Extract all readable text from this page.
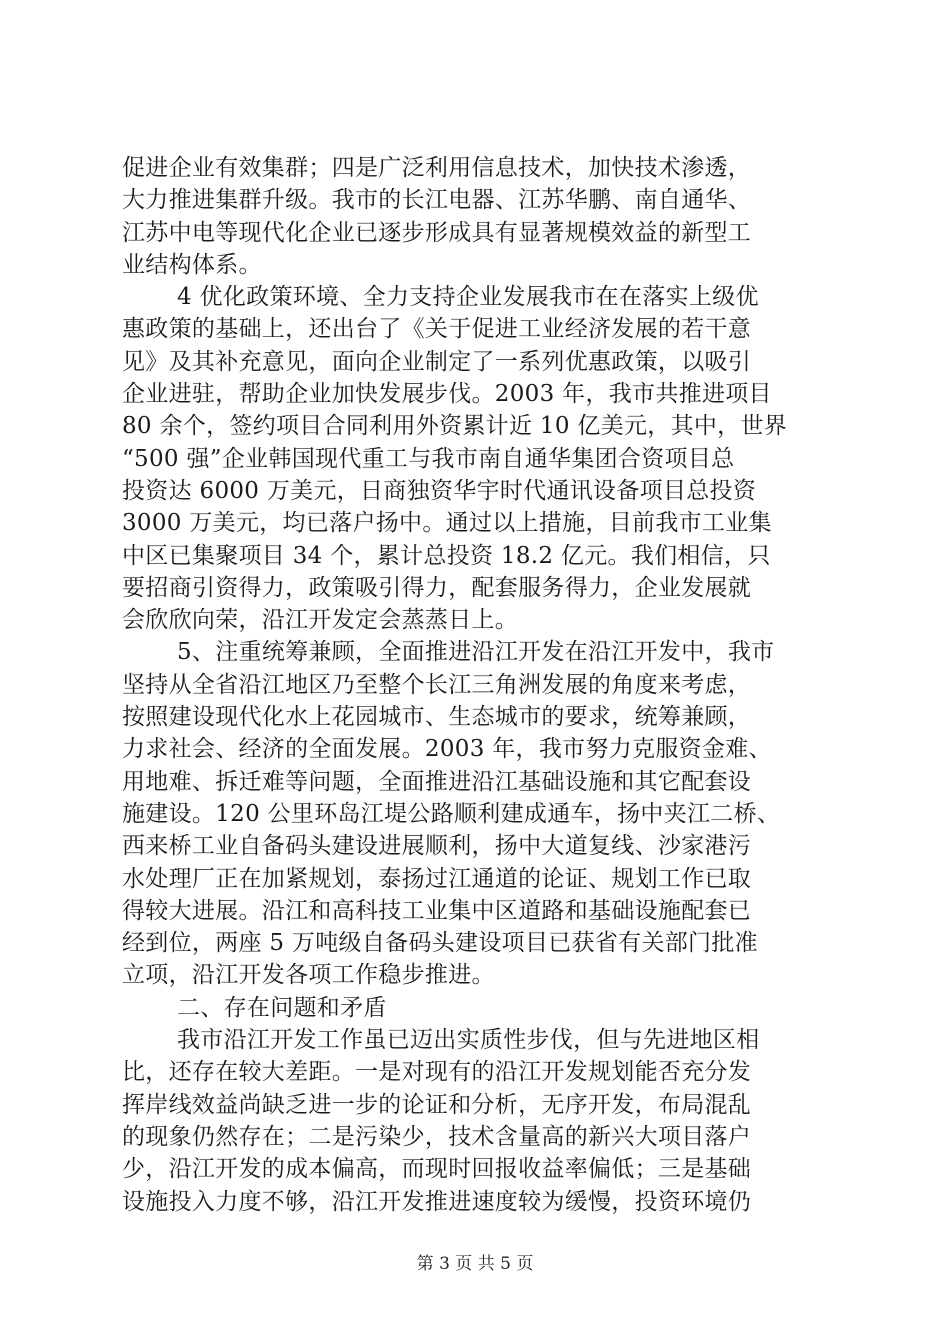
促进企业有效集群；四是广泛利用信息技术，加快技术渗透，
大力推进集群升级。我市的长江电器、江苏华鹏、南自通华、
江苏中电等现代化企业已逐步形成具有显著规模效益的新型工
业结构体系。
4 优化政策环境、全力支持企业发展我市在在落实上级优
惠政策的基础上，还出台了《关于促进工业经济发展的若干意
见》及其补充意见，面向企业制定了一系列优惠政策，以吸引
企业进驻，帮助企业加快发展步伐。2003 年，我市共推进项目
80 余个，签约项目合同利用外资累计近 10 亿美元，其中，世界
“500 强”企业韩国现代重工与我市南自通华集团合资项目总
投资达 6000 万美元，日商独资华宇时代通讯设备项目总投资
3000 万美元，均已落户扬中。通过以上措施，目前我市工业集
中区已集聚项目 34 个，累计总投资 18.2 亿元。我们相信，只
要招商引资得力，政策吸引得力，配套服务得力，企业发展就
会欣欣向荣，沿江开发定会蒸蒸日上。
5、注重统筹兼顾，全面推进沿江开发在沿江开发中，我市
坚持从全省沿江地区乃至整个长江三角洲发展的角度来考虑，
按照建设现代化水上花园城市、生态城市的要求，统筹兼顾，
力求社会、经济的全面发展。2003 年，我市努力克服资金难、
用地难、拆迁难等问题，全面推进沿江基础设施和其它配套设
施建设。120 公里环岛江堤公路顺利建成通车，扬中夹江二桥、
西来桥工业自备码头建设进展顺利，扬中大道复线、沙家港污
水处理厂正在加紧规划，泰扬过江通道的论证、规划工作已取
得较大进展。沿江和高科技工业集中区道路和基础设施配套已
经到位，两座 5 万吨级自备码头建设项目已获省有关部门批准
立项，沿江开发各项工作稳步推进。
二、存在问题和矛盾
我市沿江开发工作虽已迈出实质性步伐，但与先进地区相
比，还存在较大差距。一是对现有的沿江开发规划能否充分发
挥岸线效益尚缺乏进一步的论证和分析，无序开发，布局混乱
的现象仍然存在；二是污染少，技术含量高的新兴大项目落户
少，沿江开发的成本偏高，而现时回报收益率偏低；三是基础
设施投入力度不够，沿江开发推进速度较为缓慢，投资环境仍
第 3 页 共 5 页
